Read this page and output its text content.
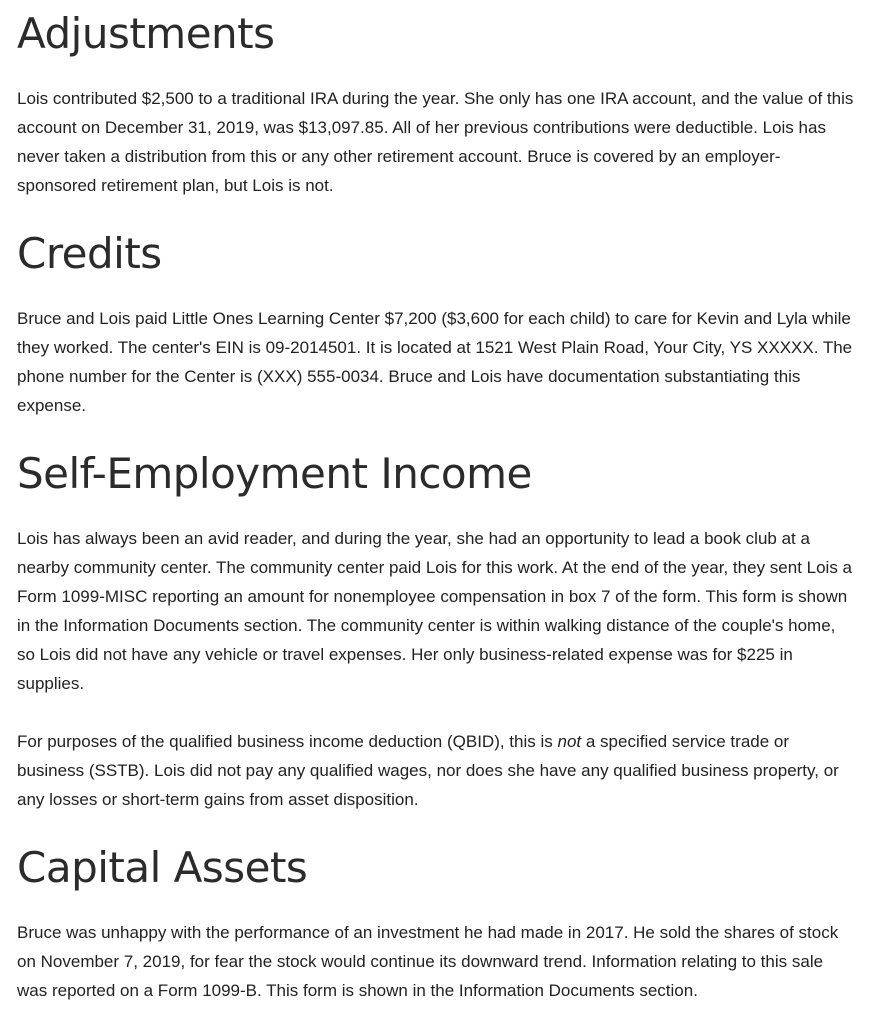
Adjustments

Lois contributed $2,500 to a traditional IRA during the year. She only has one IRA account, and the value of this account on December 31, 2019, was $13,097.85. All of her previous contributions were deductible. Lois has never taken a distribution from this or any other retirement account. Bruce is covered by an employer-sponsored retirement plan, but Lois is not.

Credits

Bruce and Lois paid Little Ones Learning Center $7,200 ($3,600 for each child) to care for Kevin and Lyla while they worked. The center's EIN is 09-2014501. It is located at 1521 West Plain Road, Your City, YS XXXXX. The phone number for the Center is (XXX) 555-0034. Bruce and Lois have documentation substantiating this expense.

Self-Employment Income

Lois has always been an avid reader, and during the year, she had an opportunity to lead a book club at a nearby community center. The community center paid Lois for this work. At the end of the year, they sent Lois a Form 1099-MISC reporting an amount for nonemployee compensation in box 7 of the form. This form is shown in the Information Documents section. The community center is within walking distance of the couple's home, so Lois did not have any vehicle or travel expenses. Her only business-related expense was for $225 in supplies.

For purposes of the qualified business income deduction (QBID), this is not a specified service trade or business (SSTB). Lois did not pay any qualified wages, nor does she have any qualified business property, or any losses or short-term gains from asset disposition.

Capital Assets

Bruce was unhappy with the performance of an investment he had made in 2017. He sold the shares of stock on November 7, 2019, for fear the stock would continue its downward trend. Information relating to this sale was reported on a Form 1099-B. This form is shown in the Information Documents section.
